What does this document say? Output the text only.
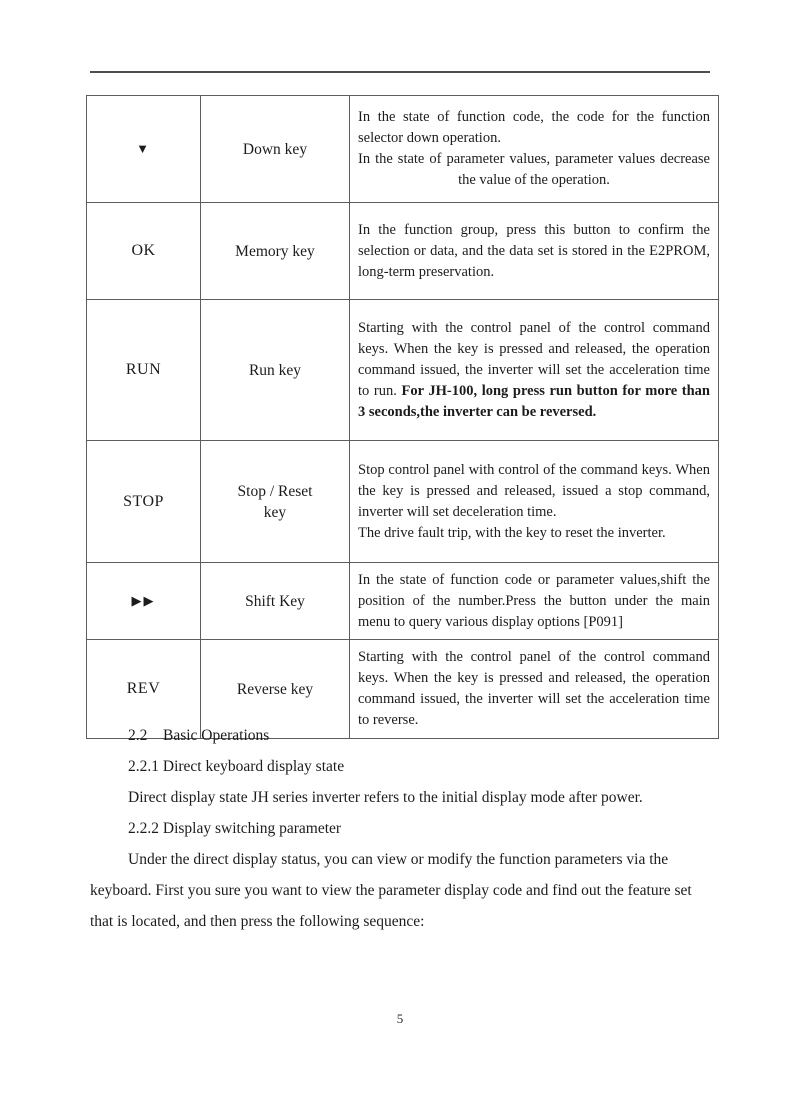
▼	Down key	In the state of function code, the code for the function selector down operation.
In the state of parameter values, parameter values decrease the value of the operation.

OK	Memory key	In the function group, press this button to confirm the selection or data, and the data set is stored in the E2PROM, long-term preservation.

RUN	Run key	Starting with the control panel of the control command keys. When the key is pressed and released, the operation command issued, the inverter will set the acceleration time to run. For JH-100, long press run button for more than 3 seconds,the inverter can be reversed.

STOP	Stop / Reset key	Stop control panel with control of the command keys. When the key is pressed and released, issued a stop command, inverter will set deceleration time.
The drive fault trip, with the key to reset the inverter.

▶▶	Shift Key	In the state of function code or parameter values,shift the position of the number.Press the button under the main menu to query various display options [P091]

REV	Reverse key	Starting with the control panel of the control command keys. When the key is pressed and released, the operation command issued, the inverter will set the acceleration time to reverse.
2.2 Basic Operations
2.2.1 Direct keyboard display state
Direct display state JH series inverter refers to the initial display mode after power.
2.2.2 Display switching parameter
Under the direct display status, you can view or modify the function parameters via the keyboard. First you sure you want to view the parameter display code and find out the feature set that is located, and then press the following sequence:
5
